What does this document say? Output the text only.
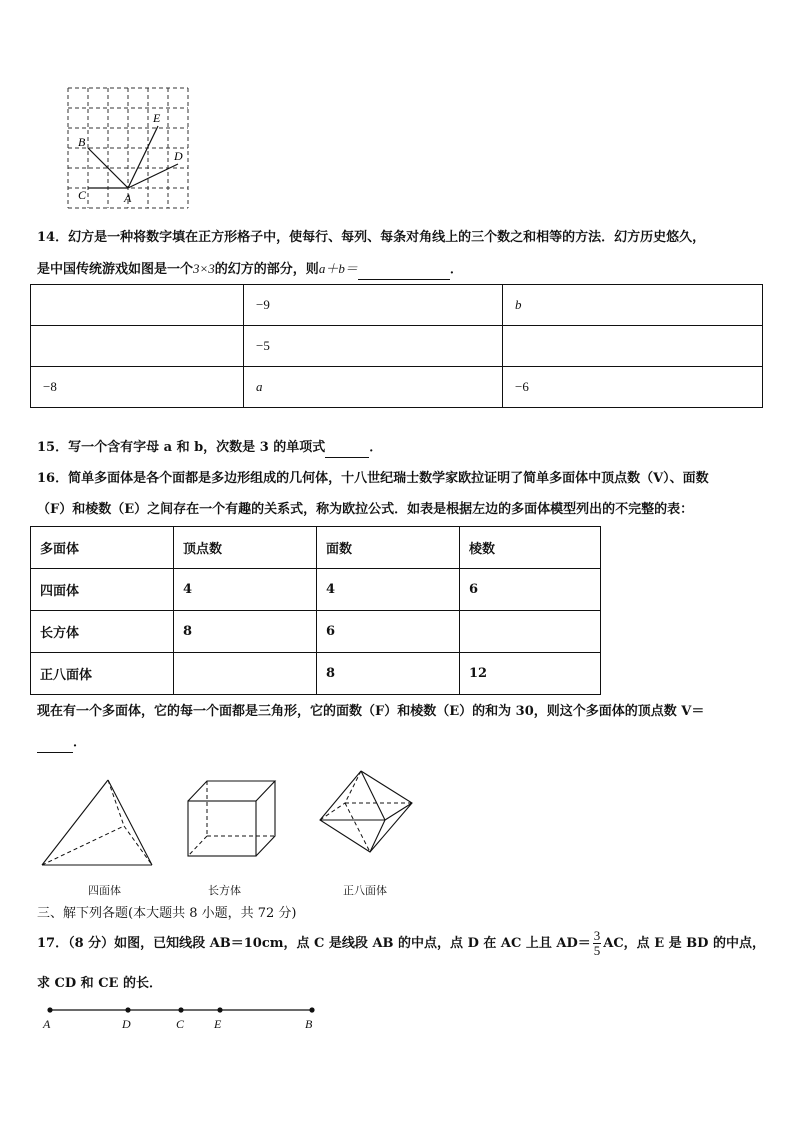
B
C	A
D
E
14．幻方是一种将数字填在正方形格子中，使每行、每列、每条对角线上的三个数之和相等的方法．幻方历史悠久，
是中国传统游戏如图是一个3×3的幻方的部分，则a＋b＝	．
	−9	b
	−5	
−8	a	−6
15．写一个含有字母 a 和 b，次数是 3 的单项式	．
16．简单多面体是各个面都是多边形组成的几何体，十八世纪瑞士数学家欧拉证明了简单多面体中顶点数（V）、面数
（F）和棱数（E）之间存在一个有趣的关系式，称为欧拉公式．如表是根据左边的多面体模型列出的不完整的表：
多面体	顶点数	面数	棱数
四面体	4	4	6
长方体	8	6	
正八面体		8	12
现在有一个多面体，它的每一个面都是三角形，它的面数（F）和棱数（E）的和为 30，则这个多面体的顶点数 V＝
．
四面体	长方体	正八面体
三、解下列各题(本大题共 8 小题，共 72 分)
17．（8 分）如图，已知线段 AB＝10cm，点 C 是线段 AB 的中点，点 D 在 AC 上且 $AD= \frac{3}{5}$ AC，点 E 是 BD 的中点，
求 CD 和 CE 的长．
A	D	C E	B
